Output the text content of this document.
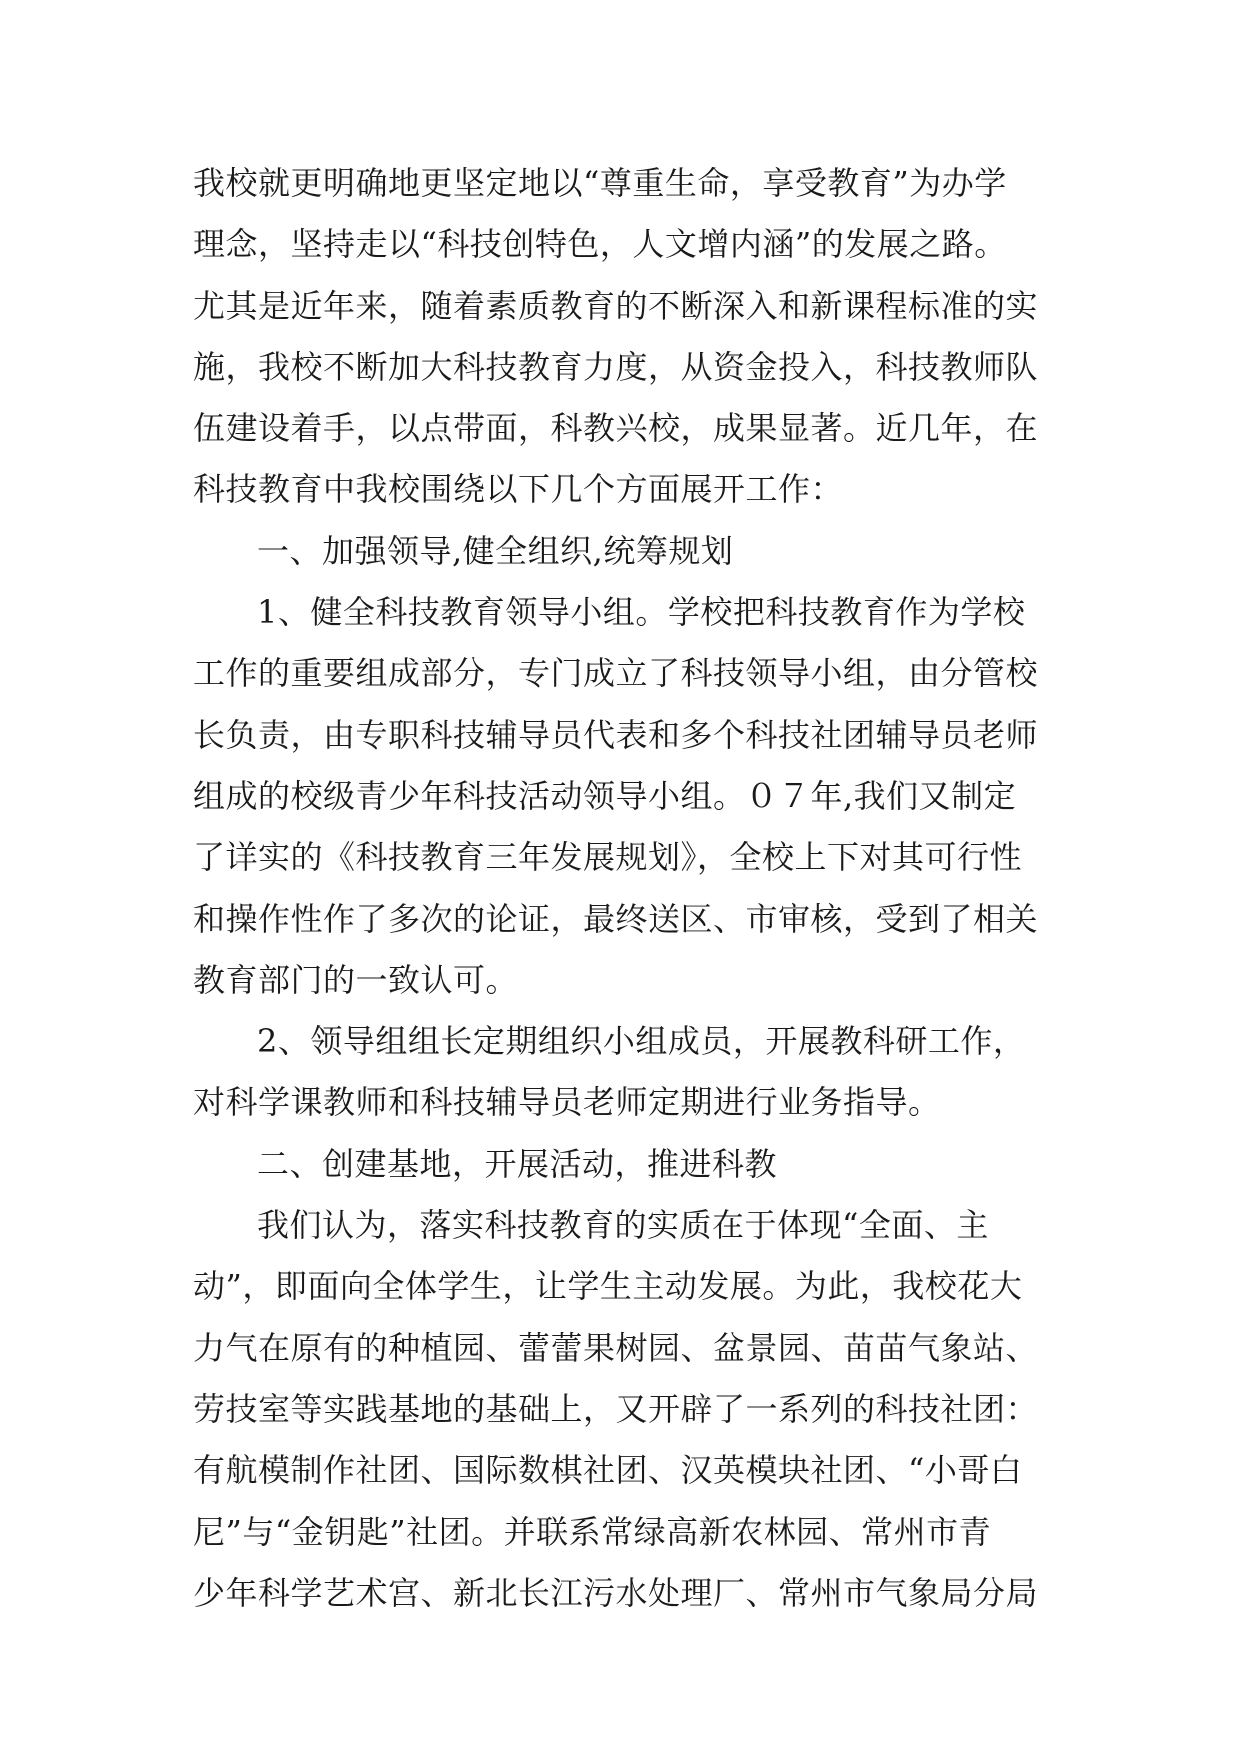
我校就更明确地更坚定地以“尊重生命，享受教育”为办学
理念，坚持走以“科技创特色，人文增内涵”的发展之路。
尤其是近年来，随着素质教育的不断深入和新课程标准的实
施，我校不断加大科技教育力度，从资金投入，科技教师队
伍建设着手，以点带面，科教兴校，成果显著。近几年，在
科技教育中我校围绕以下几个方面展开工作：
一、加强领导,健全组织,统筹规划
1、健全科技教育领导小组。学校把科技教育作为学校
工作的重要组成部分，专门成立了科技领导小组，由分管校
长负责，由专职科技辅导员代表和多个科技社团辅导员老师
组成的校级青少年科技活动领导小组。０７年,我们又制定
了详实的《科技教育三年发展规划》，全校上下对其可行性
和操作性作了多次的论证，最终送区、市审核，受到了相关
教育部门的一致认可。
2、领导组组长定期组织小组成员，开展教科研工作，
对科学课教师和科技辅导员老师定期进行业务指导。
二、创建基地，开展活动，推进科教
我们认为，落实科技教育的实质在于体现“全面、主
动”，即面向全体学生，让学生主动发展。为此，我校花大
力气在原有的种植园、蕾蕾果树园、盆景园、苗苗气象站、
劳技室等实践基地的基础上，又开辟了一系列的科技社团：
有航模制作社团、国际数棋社团、汉英模块社团、“小哥白
尼”与“金钥匙”社团。并联系常绿高新农林园、常州市青
少年科学艺术宫、新北长江污水处理厂、常州市气象局分局
